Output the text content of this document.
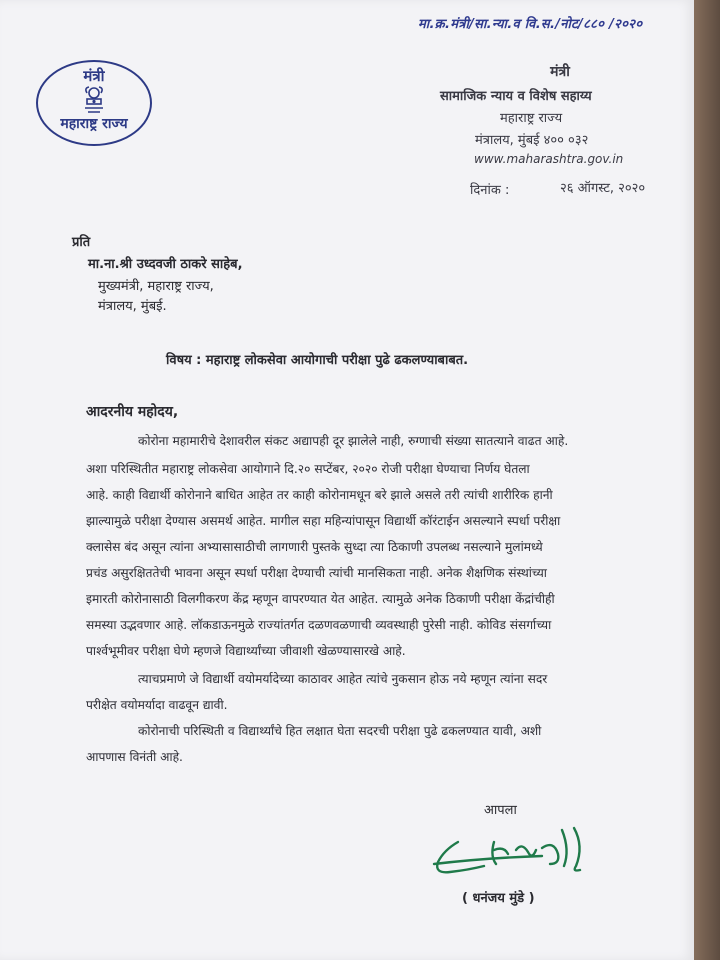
मा.क्र.मंत्री/सा.न्या.व वि.स./नोट/८८० /२०२०
मंत्री
महाराष्ट्र राज्य
मंत्री
सामाजिक न्याय व विशेष सहाय्य
महाराष्ट्र राज्य
मंत्रालय, मुंबई ४०० ०३२
www.maharashtra.gov.in
दिनांक :	२६ ऑगस्ट, २०२०
प्रति
मा.ना.श्री उध्दवजी ठाकरे साहेब,
मुख्यमंत्री, महाराष्ट्र राज्य,
मंत्रालय, मुंबई.
विषय : महाराष्ट्र लोकसेवा आयोगाची परीक्षा पुढे ढकलण्याबाबत.
आदरनीय महोदय,
कोरोना महामारीचे देशावरील संकट अद्यापही दूर झालेले नाही, रुग्णाची संख्या सातत्याने वाढत आहे.
अशा परिस्थितीत महाराष्ट्र लोकसेवा आयोगाने दि.२० सप्टेंबर, २०२० रोजी परीक्षा घेण्याचा निर्णय घेतला
आहे. काही विद्यार्थी कोरोनाने बाधित आहेत तर काही कोरोनामधून बरे झाले असले तरी त्यांची शारीरिक हानी
झाल्यामुळे परीक्षा देण्यास असमर्थ आहेत. मागील सहा महिन्यांपासून विद्यार्थी कॉरंटाईन असल्याने स्पर्धा परीक्षा
क्लासेस बंद असून त्यांना अभ्यासासाठीची लागणारी पुस्तके सुध्दा त्या ठिकाणी उपलब्ध नसल्याने मुलांमध्ये
प्रचंड असुरक्षिततेची भावना असून स्पर्धा परीक्षा देण्याची त्यांची मानसिकता नाही. अनेक शैक्षणिक संस्थांच्या
इमारती कोरोनासाठी विलगीकरण केंद्र म्हणून वापरण्यात येत आहेत. त्यामुळे अनेक ठिकाणी परीक्षा केंद्रांचीही
समस्या उद्भवणार आहे. लॉकडाऊनमुळे राज्यांतर्गत दळणवळणाची व्यवस्थाही पुरेसी नाही. कोविड संसर्गाच्या
पार्श्वभूमीवर परीक्षा घेणे म्हणजे विद्यार्थ्यांच्या जीवाशी खेळण्यासारखे आहे.
त्याचप्रमाणे जे विद्यार्थी वयोमर्यादेच्या काठावर आहेत त्यांचे नुकसान होऊ नये म्हणून त्यांना सदर
परीक्षेत वयोमर्यादा वाढवून द्यावी.
कोरोनाची परिस्थिती व विद्यार्थ्यांचे हित लक्षात घेता सदरची परीक्षा पुढे ढकलण्यात यावी, अशी
आपणास विनंती आहे.
आपला
( धनंजय मुंडे )
